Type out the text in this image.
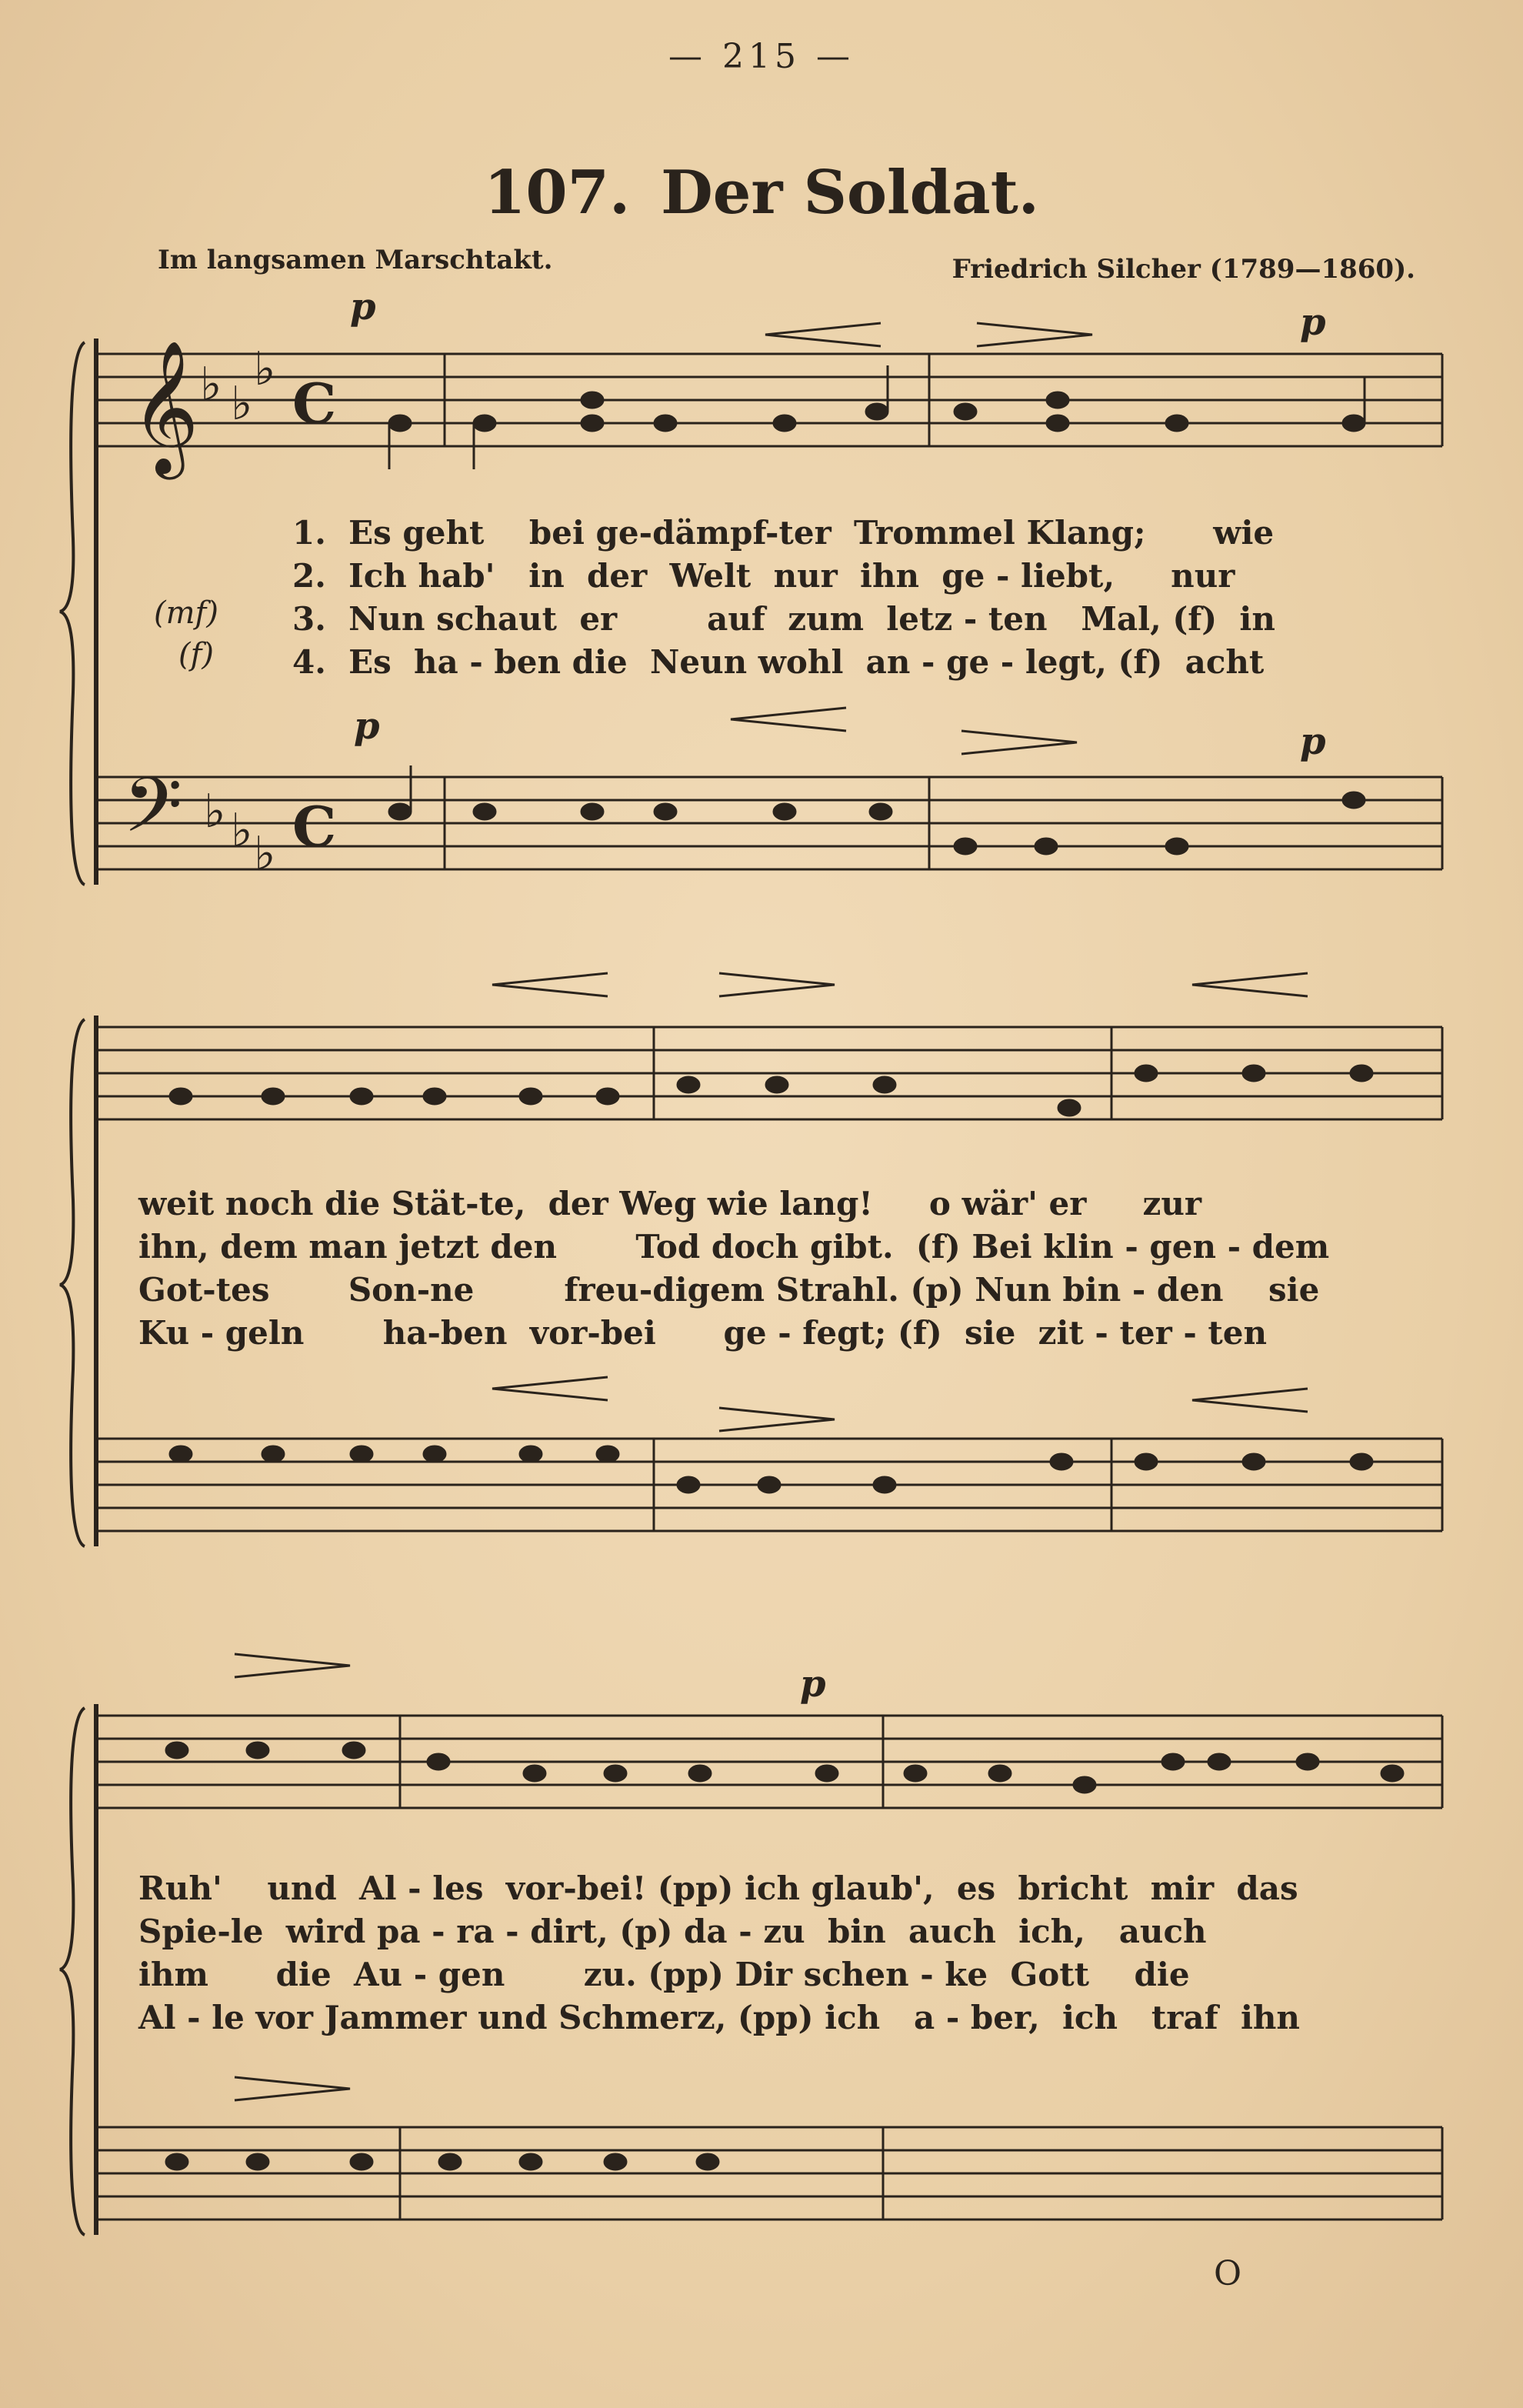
— 215 —
107. Der Soldat.
Im langsamen Marschtakt.	Friedrich Silcher (1789—1860).
𝄞
𝄢
♭ ♭
♭
♭ ♭ ♭
C
C
p	p
p	p
p
(mf)
(f)
1.  Es geht    bei ge-dämpf-ter  Trommel Klang;      wie
2.  Ich hab'   in  der  Welt  nur  ihn  ge - liebt,     nur
3.  Nun schaut  er        auf  zum  letz - ten   Mal, (f)  in
4.  Es  ha - ben die  Neun wohl  an - ge - legt, (f)  acht
weit noch die Stät-te,  der Weg wie lang!     o wär' er     zur
ihn, dem man jetzt den       Tod doch gibt.  (f) Bei klin - gen - dem
Got-tes       Son-ne        freu-digem Strahl. (p) Nun bin - den    sie
Ku - geln       ha-ben  vor-bei      ge - fegt; (f)  sie  zit - ter - ten
Ruh'    und  Al - les  vor-bei! (pp) ich glaub',  es  bricht  mir  das
Spie-le  wird pa - ra - dirt, (p) da - zu  bin  auch  ich,   auch
ihm      die  Au - gen       zu. (pp) Dir schen - ke  Gott    die
Al - le vor Jammer und Schmerz, (pp) ich   a - ber,  ich   traf  ihn
O
